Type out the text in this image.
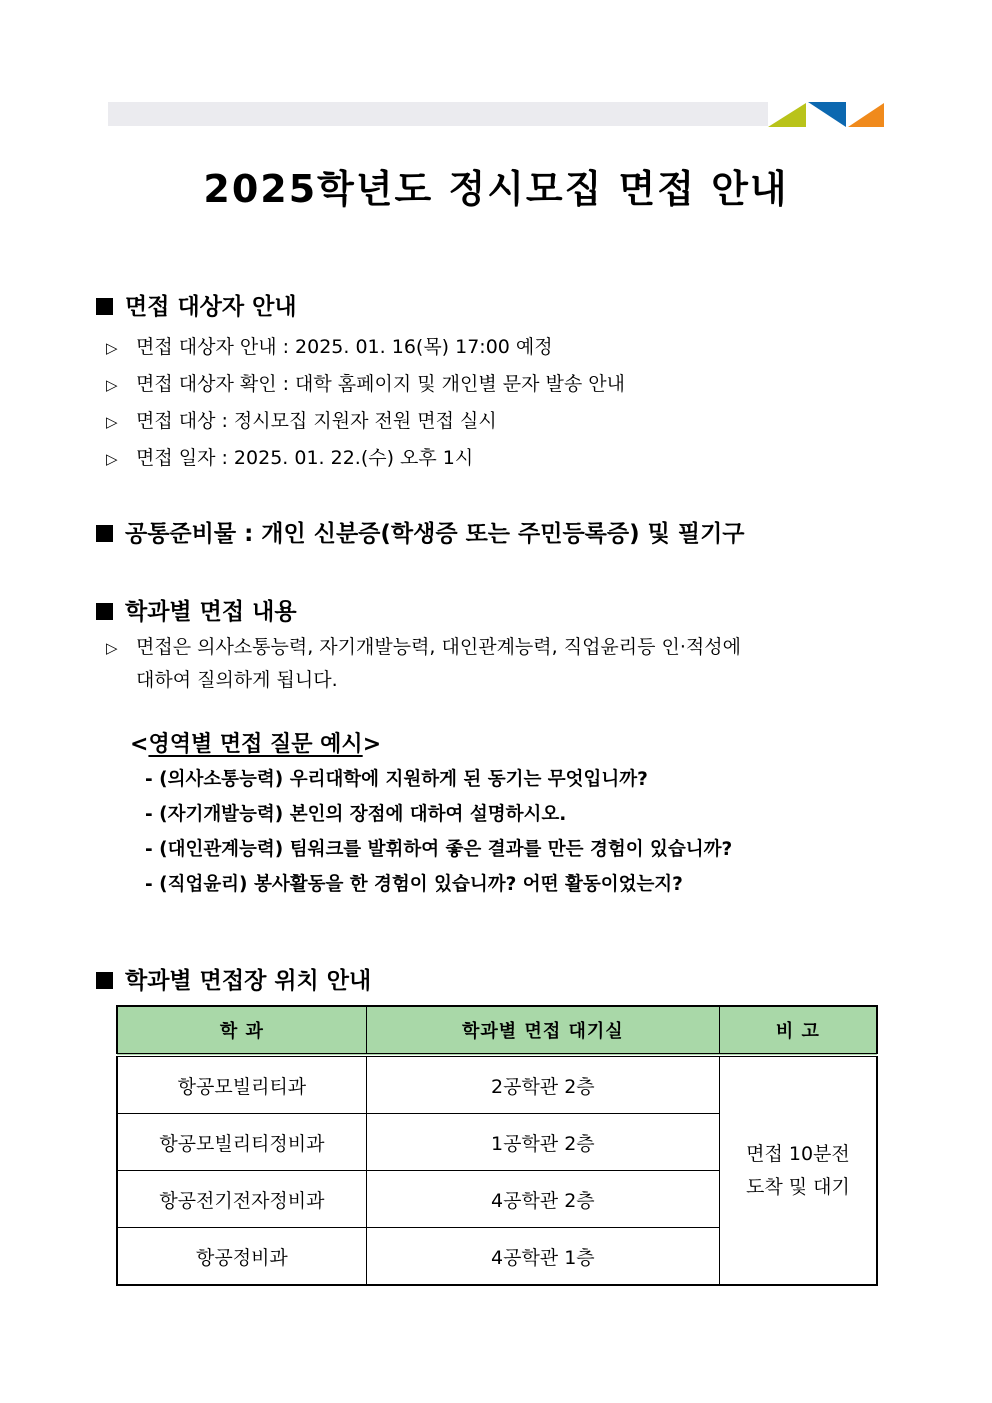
2025학년도 정시모집 면접 안내
면접 대상자 안내
▷ 면접 대상자 안내 : 2025. 01. 16(목) 17:00 예정
▷ 면접 대상자 확인 : 대학 홈페이지 및 개인별 문자 발송 안내
▷ 면접 대상 : 정시모집 지원자 전원 면접 실시
▷ 면접 일자 : 2025. 01. 22.(수) 오후 1시
공통준비물 : 개인 신분증(학생증 또는 주민등록증) 및 필기구
학과별 면접 내용
▷ 면접은 의사소통능력, 자기개발능력, 대인관계능력, 직업윤리등 인·적성에
대하여 질의하게 됩니다.
<영역별 면접 질문 예시>
- (의사소통능력) 우리대학에 지원하게 된 동기는 무엇입니까?
- (자기개발능력) 본인의 장점에 대하여 설명하시오.
- (대인관계능력) 팀워크를 발휘하여 좋은 결과를 만든 경험이 있습니까?
- (직업윤리) 봉사활동을 한 경험이 있습니까? 어떤 활동이었는지?
학과별 면접장 위치 안내
학 과	학과별 면접 대기실	비 고
항공모빌리티과	2공학관 2층	면접 10분전
도착 및 대기

항공모빌리티정비과	1공학관 2층	
항공전기전자정비과	4공학관 2층	
항공정비과	4공학관 1층	
